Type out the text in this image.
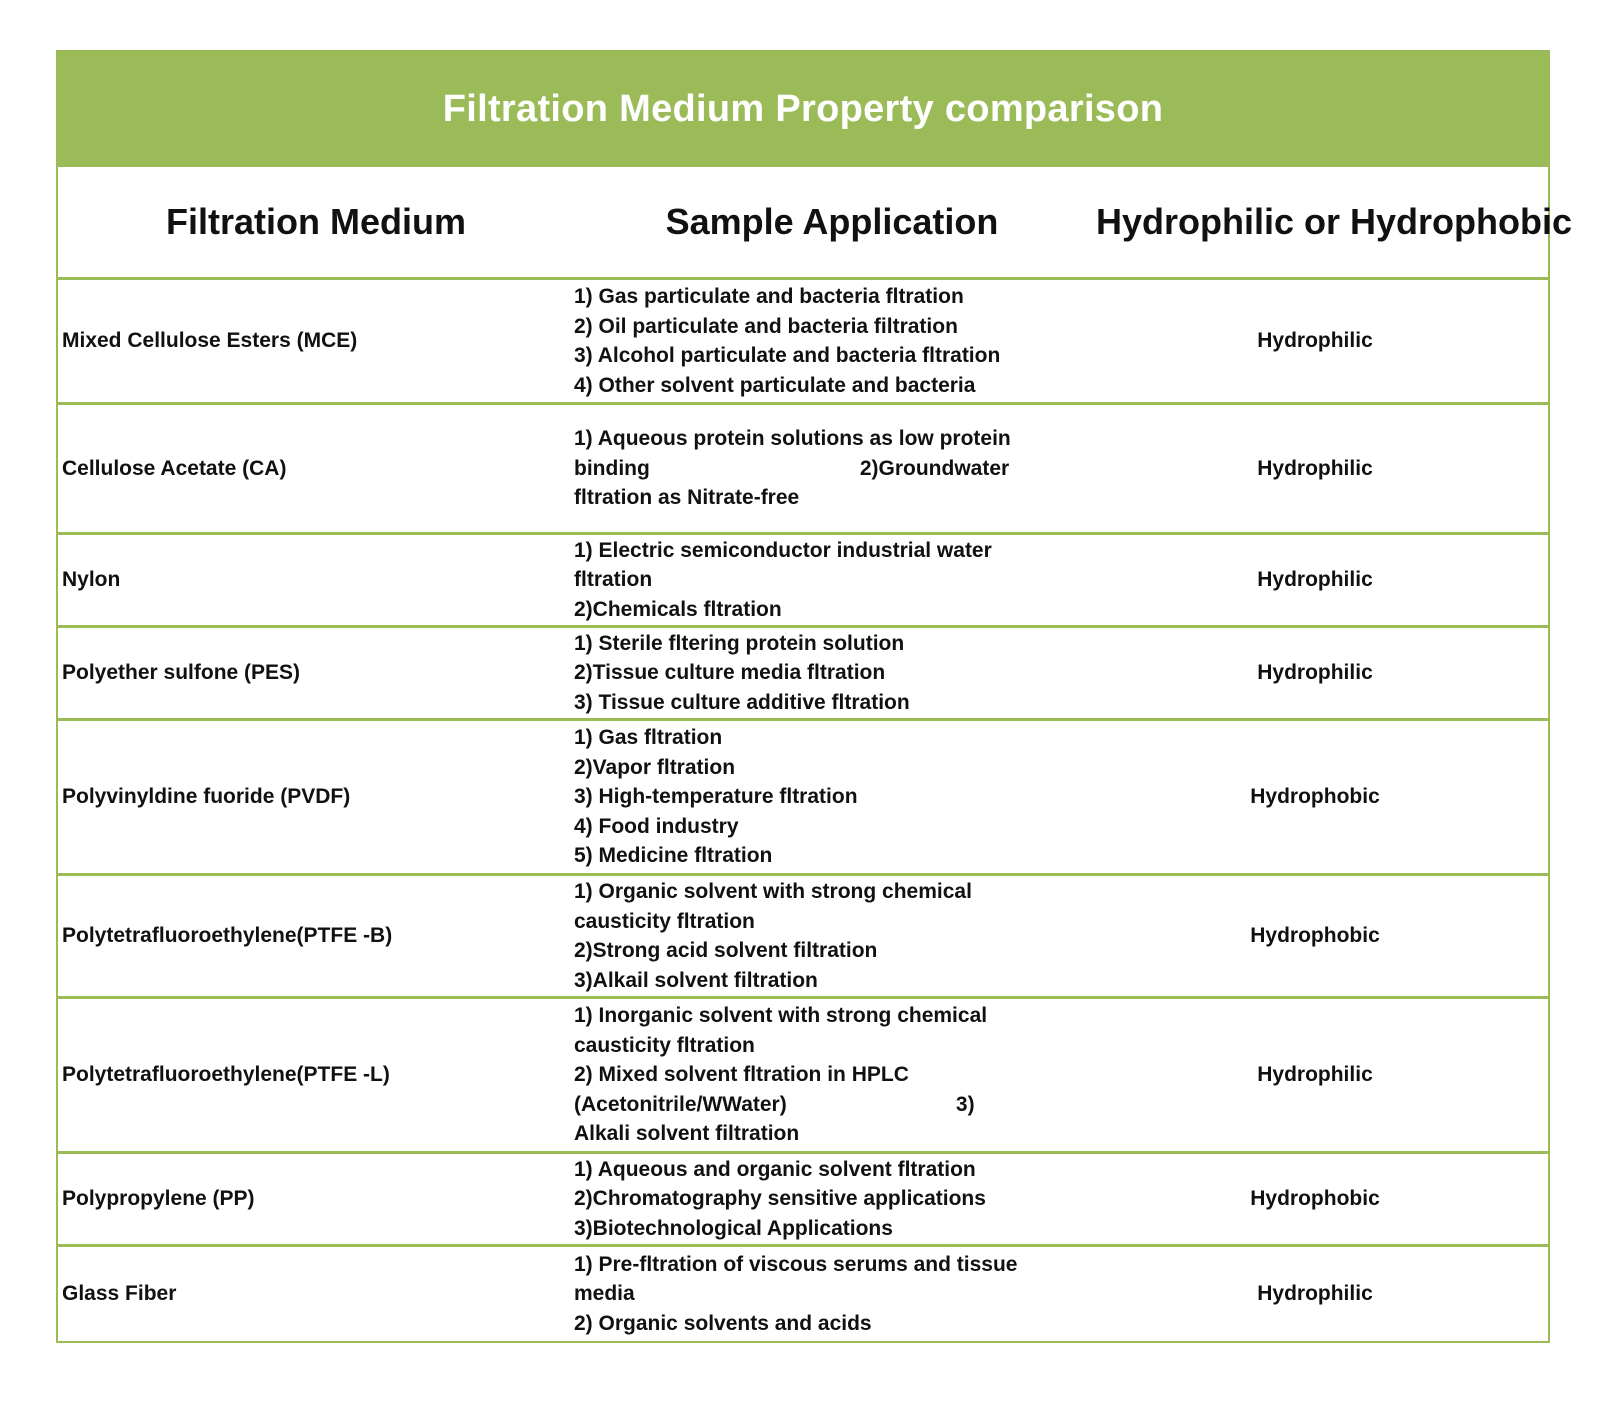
Filtration Medium Property comparison
Filtration Medium	Sample Application	Hydrophilic or Hydrophobic
Mixed Cellulose Esters (MCE)
1) Gas particulate and bacteria fltration
2) Oil particulate and bacteria filtration
3) Alcohol particulate and bacteria fltration
4) Other solvent particulate and bacteria
Hydrophilic
Cellulose Acetate (CA)
1) Aqueous protein solutions as low protein
binding                                    2)Groundwater
fltration as Nitrate-free
Hydrophilic
Nylon
1) Electric semiconductor industrial water
fltration
2)Chemicals fltration
Hydrophilic
Polyether sulfone (PES)
1) Sterile fltering protein solution
2)Tissue culture media fltration
3) Tissue culture additive fltration
Hydrophilic
Polyvinyldine fuoride (PVDF)
1) Gas fltration
2)Vapor fltration
3) High-temperature fltration
4) Food industry
5) Medicine fltration
Hydrophobic
Polytetrafluoroethylene(PTFE -B)
1) Organic solvent with strong chemical
causticity fltration
2)Strong acid solvent filtration
3)Alkail solvent filtration
Hydrophobic
Polytetrafluoroethylene(PTFE -L)
1) Inorganic solvent with strong chemical
causticity fltration
2) Mixed solvent fltration in HPLC
(Acetonitrile/WWater)                             3)
Alkali solvent filtration
Hydrophilic
Polypropylene (PP)
1) Aqueous and organic solvent fltration
2)Chromatography sensitive applications
3)Biotechnological Applications
Hydrophobic
Glass Fiber
1) Pre-fltration of viscous serums and tissue
media
2) Organic solvents and acids
Hydrophilic
